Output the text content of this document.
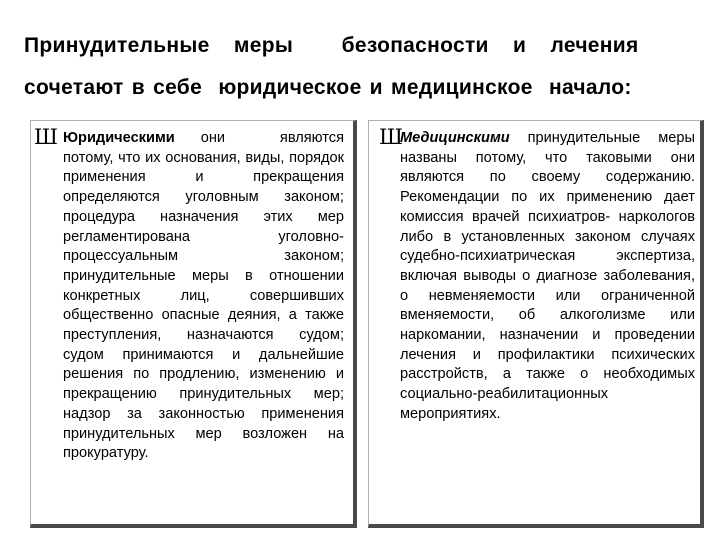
Принудительные  меры    безопасности  и  лечения
сочетают в себе  юридическое и медицинское  начало:
Ш Юридическими они являются потому, что их основания, виды, порядок применения и прекращения определяются уголовным законом; процедура назначения этих мер регламентирована уголовно-процессуальным законом; принудительные меры в отношении конкретных лиц, совершивших общественно опасные деяния, а также преступления, назначаются судом; судом принимаются и дальнейшие решения по продлению, изменению и прекращению принудительных мер; надзор за законностью применения принудительных мер возложен на прокуратуру.
Ш
Медицинскими принудительные меры названы потому, что таковыми они являются по своему содержанию. Рекомендации по их применению дает комиссия врачей психиатров- наркологов либо в установленных законом случаях судебно-психиатрическая экспертиза, включая выводы о диагнозе заболевания, о невменяемости или ограниченной вменяемости, об алкоголизме или наркомании, назначении и проведении лечения и профилактики психических расстройств, а также о необходимых социально-реабилитационных мероприятиях.
